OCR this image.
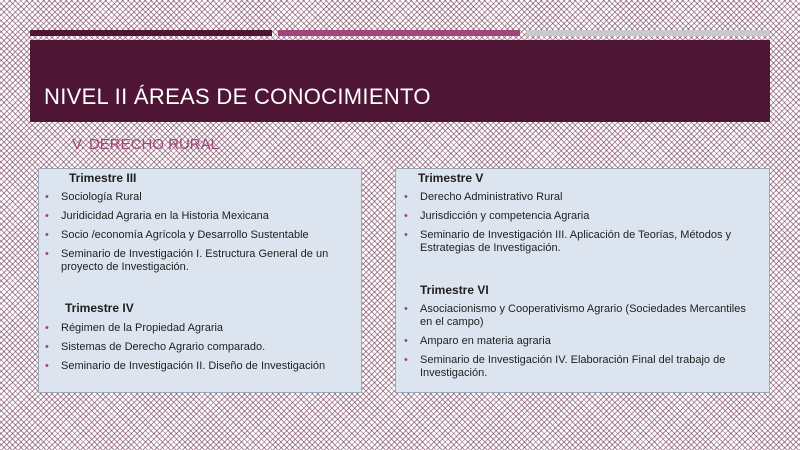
NIVEL II ÁREAS DE CONOCIMIENTO
V. DERECHO RURAL
Trimestre III
• Sociología Rural
• Juridicidad Agraria en la Historia Mexicana
• Socio /economía Agrícola y Desarrollo Sustentable
• Seminario de Investigación I. Estructura General de un proyecto de Investigación.
Trimestre IV
• Régimen de la Propiedad Agraria
• Sistemas de Derecho Agrario comparado.
• Seminario de Investigación II. Diseño de Investigación
Trimestre V
• Derecho Administrativo Rural
• Jurisdicción y competencia Agraria
• Seminario de Investigación III. Aplicación de Teorías, Métodos y Estrategias de Investigación.
Trimestre VI
• Asociacionismo y Cooperativismo Agrario (Sociedades Mercantiles en el campo)
• Amparo en materia agraria
• Seminario de Investigación IV. Elaboración Final del trabajo de Investigación.
